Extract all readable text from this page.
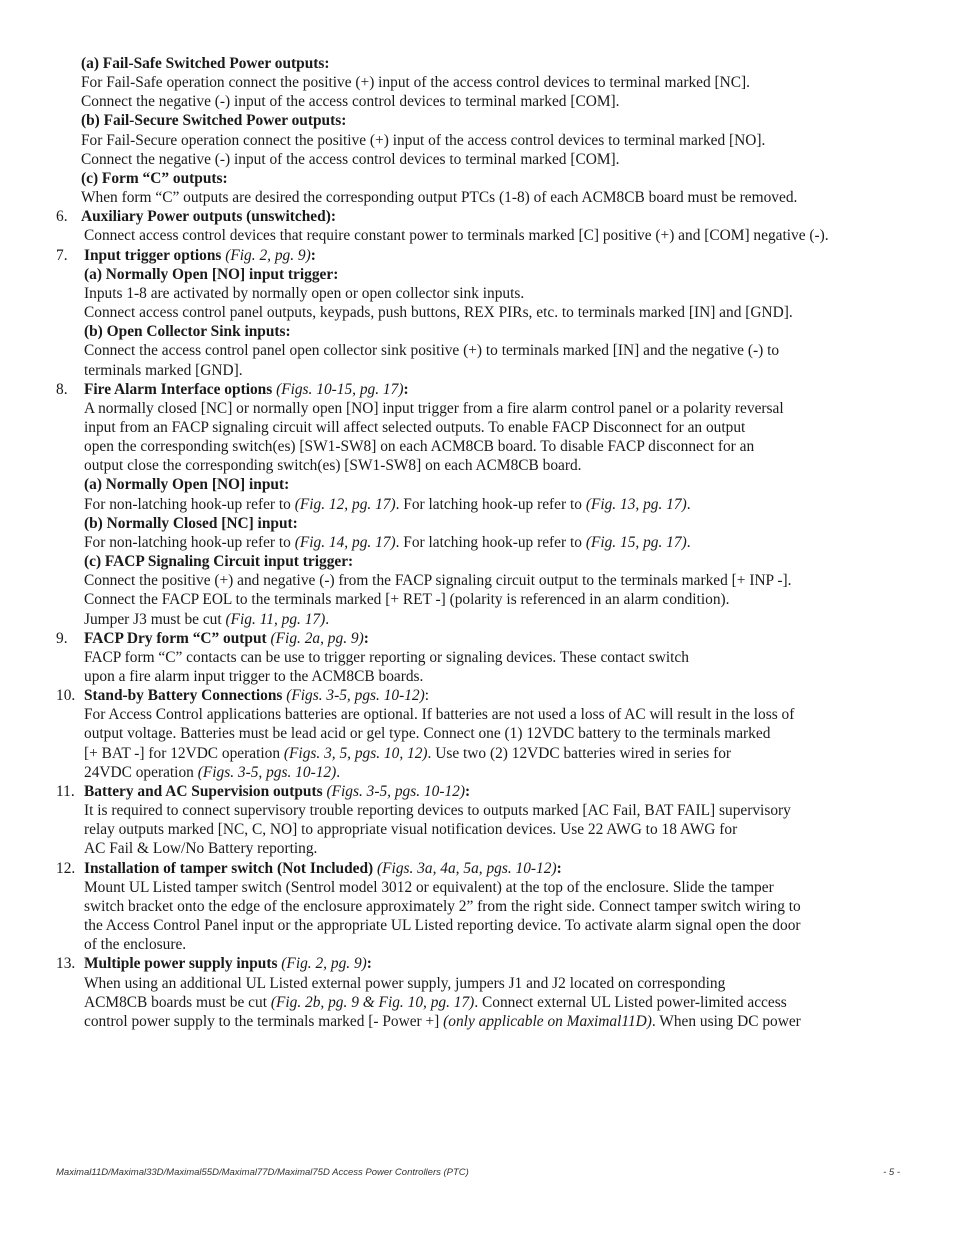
(a) Fail-Safe Switched Power outputs:
For Fail-Safe operation connect the positive (+) input of the access control devices to terminal marked [NC].
Connect the negative (-) input of the access control devices to terminal marked [COM].
(b) Fail-Secure Switched Power outputs:
For Fail-Secure operation connect the positive (+) input of the access control devices to terminal marked [NO].
Connect the negative (-) input of the access control devices to terminal marked [COM].
(c) Form “C” outputs:
When form “C” outputs are desired the corresponding output PTCs (1-8) of each ACM8CB board must be removed.
6. Auxiliary Power outputs (unswitched):
Connect access control devices that require constant power to terminals marked [C] positive (+) and [COM] negative (-).
7. Input trigger options (Fig. 2, pg. 9):
(a) Normally Open [NO] input trigger:
Inputs 1-8 are activated by normally open or open collector sink inputs.
Connect access control panel outputs, keypads, push buttons, REX PIRs, etc. to terminals marked [IN] and [GND].
(b) Open Collector Sink inputs:
Connect the access control panel open collector sink positive (+) to terminals marked [IN] and the negative (-) to
terminals marked [GND].
8. Fire Alarm Interface options (Figs. 10-15, pg. 17):
A normally closed [NC] or normally open [NO] input trigger from a fire alarm control panel or a polarity reversal
input from an FACP signaling circuit will affect selected outputs. To enable FACP Disconnect for an output
open the corresponding switch(es) [SW1-SW8] on each ACM8CB board. To disable FACP disconnect for an
output close the corresponding switch(es) [SW1-SW8] on each ACM8CB board.
(a) Normally Open [NO] input:
For non-latching hook-up refer to (Fig. 12, pg. 17). For latching hook-up refer to (Fig. 13, pg. 17).
(b) Normally Closed [NC] input:
For non-latching hook-up refer to (Fig. 14, pg. 17). For latching hook-up refer to (Fig. 15, pg. 17).
(c) FACP Signaling Circuit input trigger:
Connect the positive (+) and negative (-) from the FACP signaling circuit output to the terminals marked [+ INP -].
Connect the FACP EOL to the terminals marked [+ RET -] (polarity is referenced in an alarm condition).
Jumper J3 must be cut (Fig. 11, pg. 17).
9. FACP Dry form “C” output (Fig. 2a, pg. 9):
FACP form “C” contacts can be use to trigger reporting or signaling devices. These contact switch
upon a fire alarm input trigger to the ACM8CB boards.
10. Stand-by Battery Connections (Figs. 3-5, pgs. 10-12):
For Access Control applications batteries are optional. If batteries are not used a loss of AC will result in the loss of
output voltage. Batteries must be lead acid or gel type. Connect one (1) 12VDC battery to the terminals marked
[+ BAT -] for 12VDC operation (Figs. 3, 5, pgs. 10, 12). Use two (2) 12VDC batteries wired in series for
24VDC operation (Figs. 3-5, pgs. 10-12).
11. Battery and AC Supervision outputs (Figs. 3-5, pgs. 10-12):
It is required to connect supervisory trouble reporting devices to outputs marked [AC Fail, BAT FAIL] supervisory
relay outputs marked [NC, C, NO] to appropriate visual notification devices. Use 22 AWG to 18 AWG for
AC Fail & Low/No Battery reporting.
12. Installation of tamper switch (Not Included) (Figs. 3a, 4a, 5a, pgs. 10-12):
Mount UL Listed tamper switch (Sentrol model 3012 or equivalent) at the top of the enclosure. Slide the tamper
switch bracket onto the edge of the enclosure approximately 2” from the right side. Connect tamper switch wiring to
the Access Control Panel input or the appropriate UL Listed reporting device. To activate alarm signal open the door
of the enclosure.
13. Multiple power supply inputs (Fig. 2, pg. 9):
When using an additional UL Listed external power supply, jumpers J1 and J2 located on corresponding
ACM8CB boards must be cut (Fig. 2b, pg. 9 & Fig. 10, pg. 17). Connect external UL Listed power-limited access
control power supply to the terminals marked [- Power +] (only applicable on Maximal11D). When using DC power
Maximal11D/Maximal33D/Maximal55D/Maximal77D/Maximal75D Access Power Controllers (PTC)	- 5 -
